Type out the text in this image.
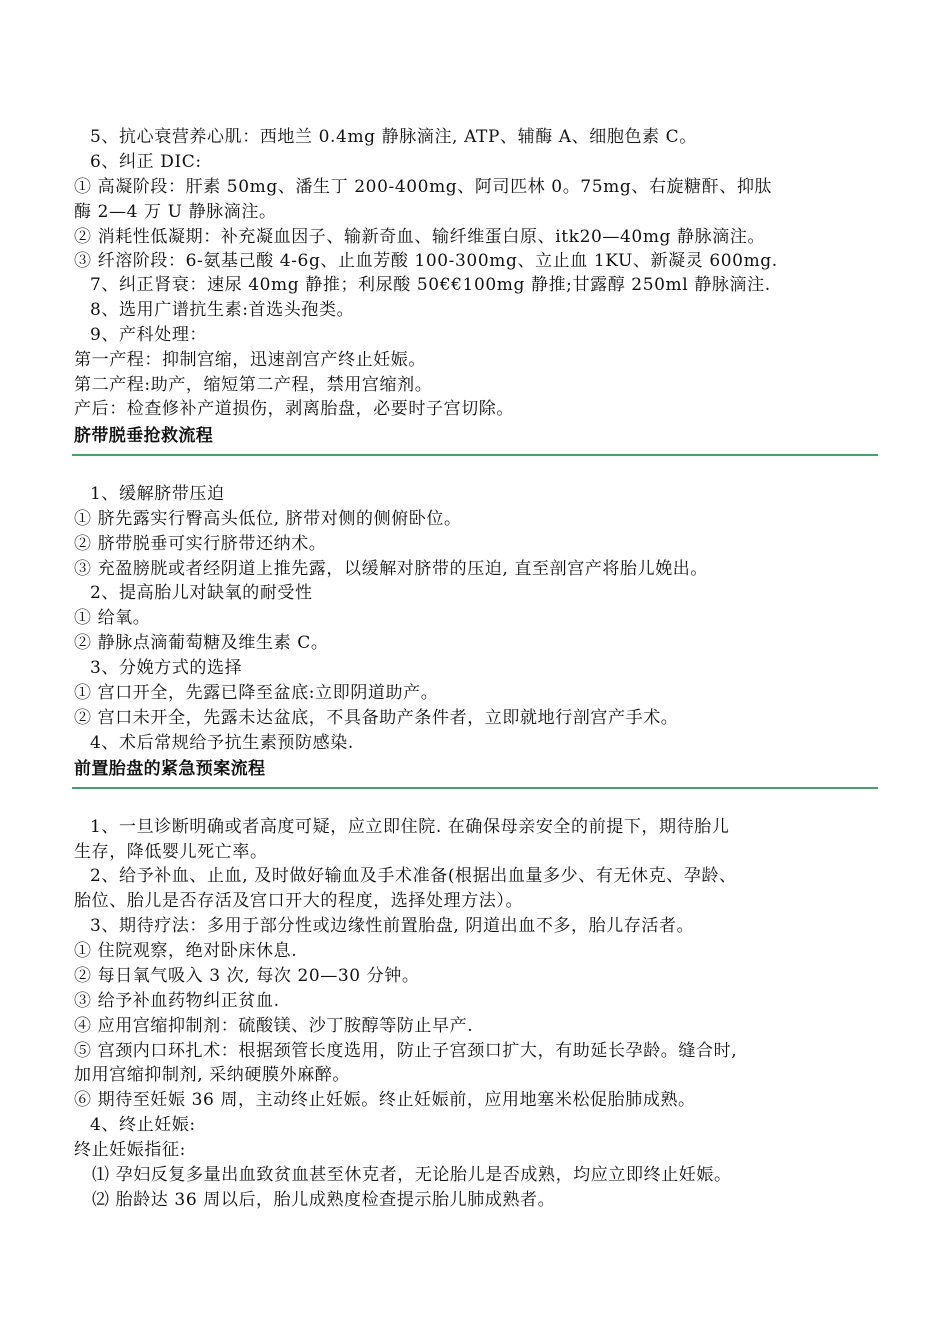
5、抗心衰营养心肌：西地兰 0.4mg 静脉滴注, ATP、辅酶 A、细胞色素 C。
6、纠正 DIC:
① 高凝阶段：肝素 50mg、潘生丁 200-400mg、阿司匹林 0。75mg、右旋糖酐、抑肽
酶 2—4 万 U 静脉滴注。
② 消耗性低凝期：补充凝血因子、输新奇血、输纤维蛋白原、itk20—40mg 静脉滴注。
③ 纤溶阶段：6-氨基己酸 4-6g、止血芳酸 100-300mg、立止血 1KU、新凝灵 600mg.
7、纠正肾衰：速尿 40mg 静推；利尿酸 50€€100mg 静推;甘露醇 250ml 静脉滴注.
8、选用广谱抗生素:首选头孢类。
9、产科处理：
第一产程：抑制宫缩，迅速剖宫产终止妊娠。
第二产程:助产，缩短第二产程，禁用宫缩剂。
产后：检查修补产道损伤，剥离胎盘，必要时子宫切除。
脐带脱垂抢救流程
1、缓解脐带压迫
① 脐先露实行臀高头低位, 脐带对侧的侧俯卧位。
② 脐带脱垂可实行脐带还纳术。
③ 充盈膀胱或者经阴道上推先露，以缓解对脐带的压迫, 直至剖宫产将胎儿娩出。
2、提高胎儿对缺氧的耐受性
① 给氧。
② 静脉点滴葡萄糖及维生素 C。
3、分娩方式的选择
① 宫口开全，先露已降至盆底:立即阴道助产。
② 宫口未开全，先露未达盆底，不具备助产条件者，立即就地行剖宫产手术。
4、术后常规给予抗生素预防感染.
前置胎盘的紧急预案流程
1、一旦诊断明确或者高度可疑，应立即住院. 在确保母亲安全的前提下，期待胎儿
生存，降低婴儿死亡率。
2、给予补血、止血, 及时做好输血及手术准备(根据出血量多少、有无休克、孕龄、
胎位、胎儿是否存活及宫口开大的程度，选择处理方法）。
3、期待疗法：多用于部分性或边缘性前置胎盘, 阴道出血不多，胎儿存活者。
① 住院观察，绝对卧床休息.
② 每日氧气吸入 3 次, 每次 20—30 分钟。
③ 给予补血药物纠正贫血.
④ 应用宫缩抑制剂：硫酸镁、沙丁胺醇等防止早产.
⑤ 宫颈内口环扎术：根据颈管长度选用，防止子宫颈口扩大，有助延长孕龄。缝合时,
加用宫缩抑制剂, 采纳硬膜外麻醉。
⑥ 期待至妊娠 36 周，主动终止妊娠。终止妊娠前，应用地塞米松促胎肺成熟。
4、终止妊娠:
终止妊娠指征:
⑴ 孕妇反复多量出血致贫血甚至休克者，无论胎儿是否成熟，均应立即终止妊娠。
⑵ 胎龄达 36 周以后，胎儿成熟度检查提示胎儿肺成熟者。
